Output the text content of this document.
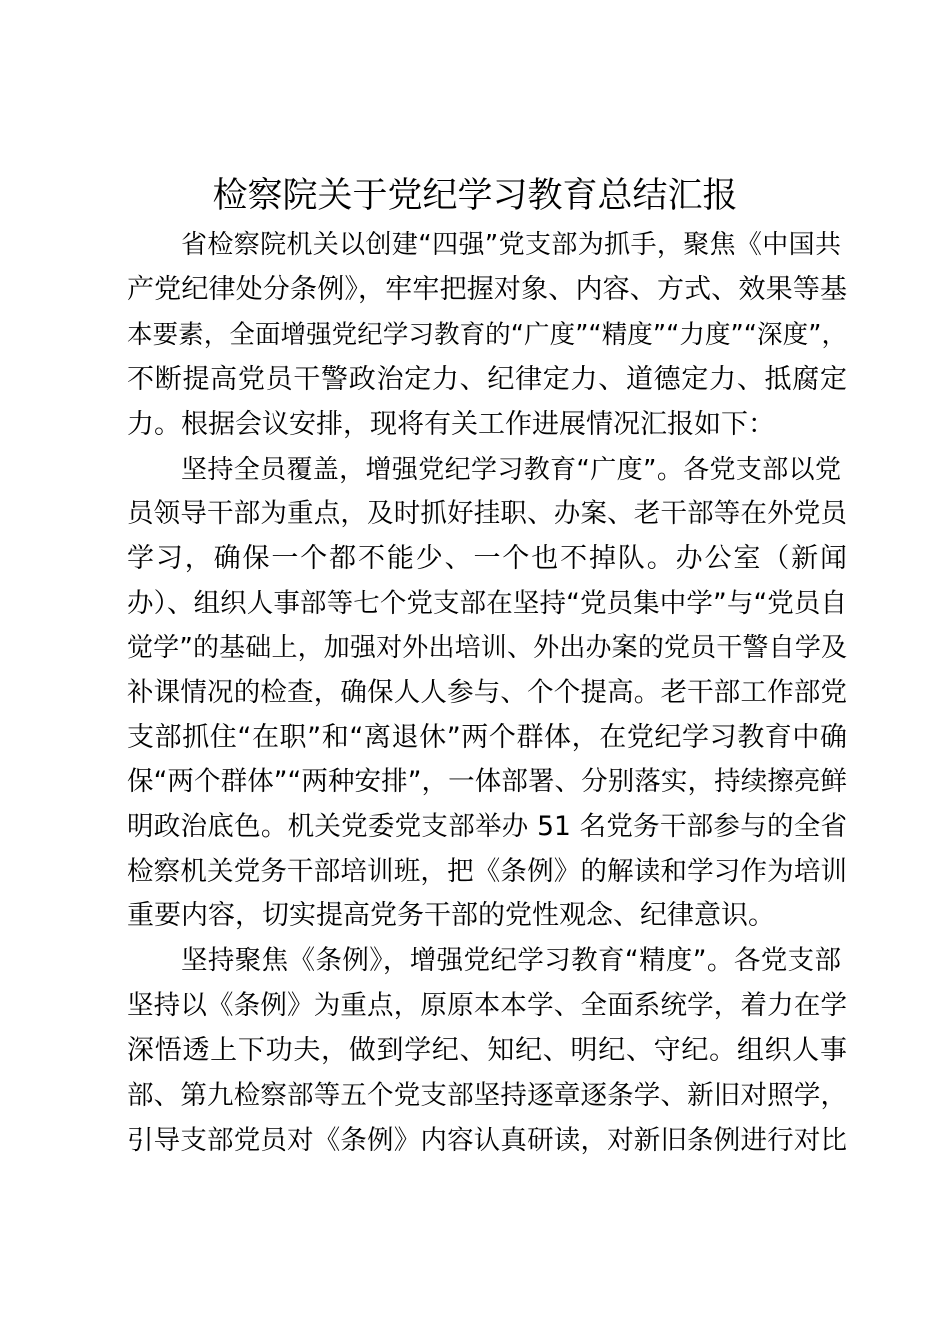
检察院关于党纪学习教育总结汇报

省检察院机关以创建“四强”党支部为抓手，聚焦《中国共

产党纪律处分条例》，牢牢把握对象、内容、方式、效果等基

本要素，全面增强党纪学习教育的“广度”“精度”“力度”“深度”，

不断提高党员干警政治定力、纪律定力、道德定力、抵腐定

力。根据会议安排，现将有关工作进展情况汇报如下：

坚持全员覆盖，增强党纪学习教育“广度”。各党支部以党

员领导干部为重点，及时抓好挂职、办案、老干部等在外党员

学习，确保一个都不能少、一个也不掉队。办公室（新闻

办）、组织人事部等七个党支部在坚持“党员集中学”与“党员自

觉学”的基础上，加强对外出培训、外出办案的党员干警自学及

补课情况的检查，确保人人参与、个个提高。老干部工作部党

支部抓住“在职”和“离退休”两个群体，在党纪学习教育中确

保“两个群体”“两种安排”，一体部署、分别落实，持续擦亮鲜

明政治底色。机关党委党支部举办 51 名党务干部参与的全省

检察机关党务干部培训班，把《条例》的解读和学习作为培训

重要内容，切实提高党务干部的党性观念、纪律意识。

坚持聚焦《条例》，增强党纪学习教育“精度”。各党支部

坚持以《条例》为重点，原原本本学、全面系统学，着力在学

深悟透上下功夫，做到学纪、知纪、明纪、守纪。组织人事

部、第九检察部等五个党支部坚持逐章逐条学、新旧对照学，

引导支部党员对《条例》内容认真研读，对新旧条例进行对比
